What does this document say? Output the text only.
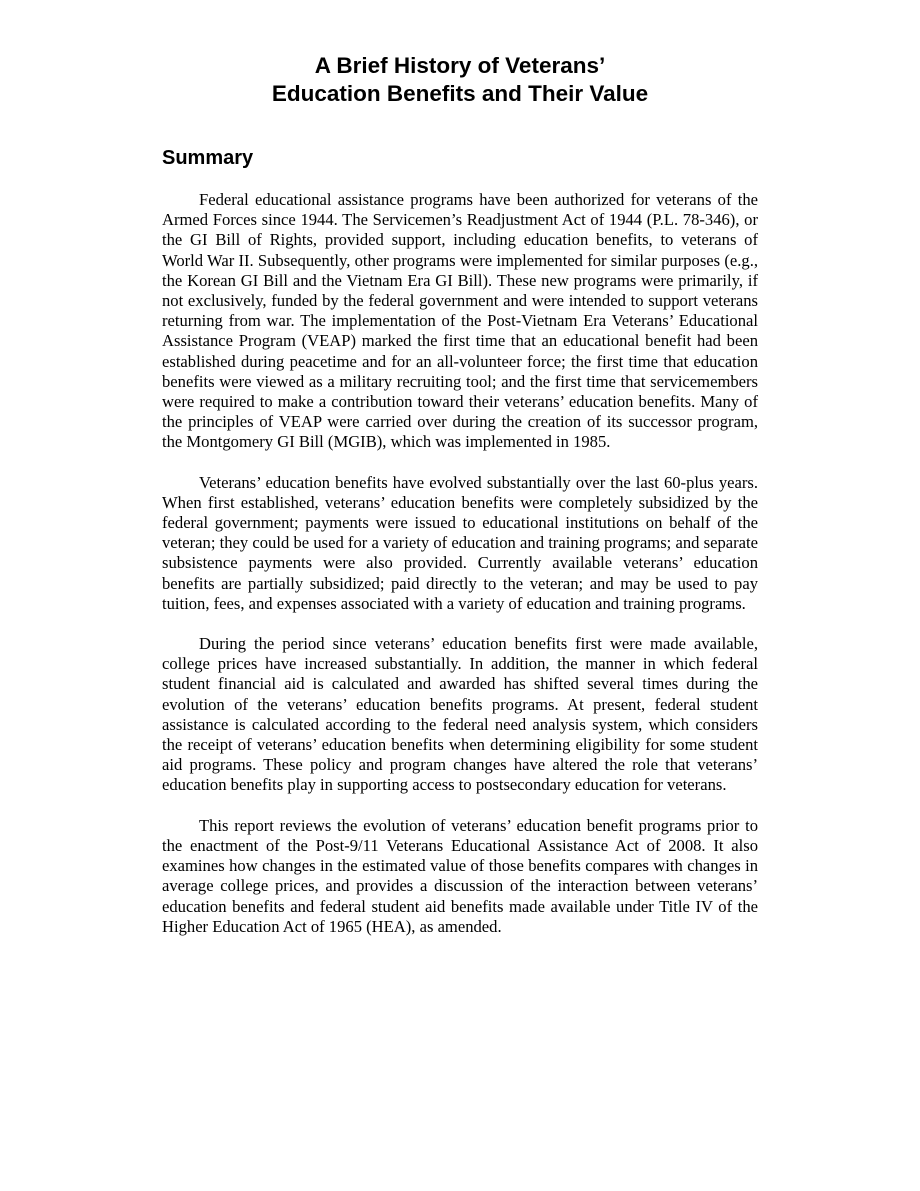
A Brief History of Veterans’
Education Benefits and Their Value
Summary

Federal educational assistance programs have been authorized for veterans of the Armed Forces since 1944. The Servicemen’s Readjustment Act of 1944 (P.L. 78-346), or the GI Bill of Rights, provided support, including education benefits, to veterans of World War II. Subsequently, other programs were implemented for similar purposes (e.g., the Korean GI Bill and the Vietnam Era GI Bill). These new programs were primarily, if not exclusively, funded by the federal government and were intended to support veterans returning from war. The implementation of the Post-Vietnam Era Veterans’ Educational Assistance Program (VEAP) marked the first time that an educational benefit had been established during peacetime and for an all-volunteer force; the first time that education benefits were viewed as a military recruiting tool; and the first time that servicemembers were required to make a contribution toward their veterans’ education benefits. Many of the principles of VEAP were carried over during the creation of its successor program, the Montgomery GI Bill (MGIB), which was implemented in 1985.

Veterans’ education benefits have evolved substantially over the last 60-plus years. When first established, veterans’ education benefits were completely subsidized by the federal government; payments were issued to educational institutions on behalf of the veteran; they could be used for a variety of education and training programs; and separate subsistence payments were also provided. Currently available veterans’ education benefits are partially subsidized; paid directly to the veteran; and may be used to pay tuition, fees, and expenses associated with a variety of education and training programs.

During the period since veterans’ education benefits first were made available, college prices have increased substantially. In addition, the manner in which federal student financial aid is calculated and awarded has shifted several times during the evolution of the veterans’ education benefits programs. At present, federal student assistance is calculated according to the federal need analysis system, which considers the receipt of veterans’ education benefits when determining eligibility for some student aid programs. These policy and program changes have altered the role that veterans’ education benefits play in supporting access to postsecondary education for veterans.

This report reviews the evolution of veterans’ education benefit programs prior to the enactment of the Post-9/11 Veterans Educational Assistance Act of 2008. It also examines how changes in the estimated value of those benefits compares with changes in average college prices, and provides a discussion of the interaction between veterans’ education benefits and federal student aid benefits made available under Title IV of the Higher Education Act of 1965 (HEA), as amended.
